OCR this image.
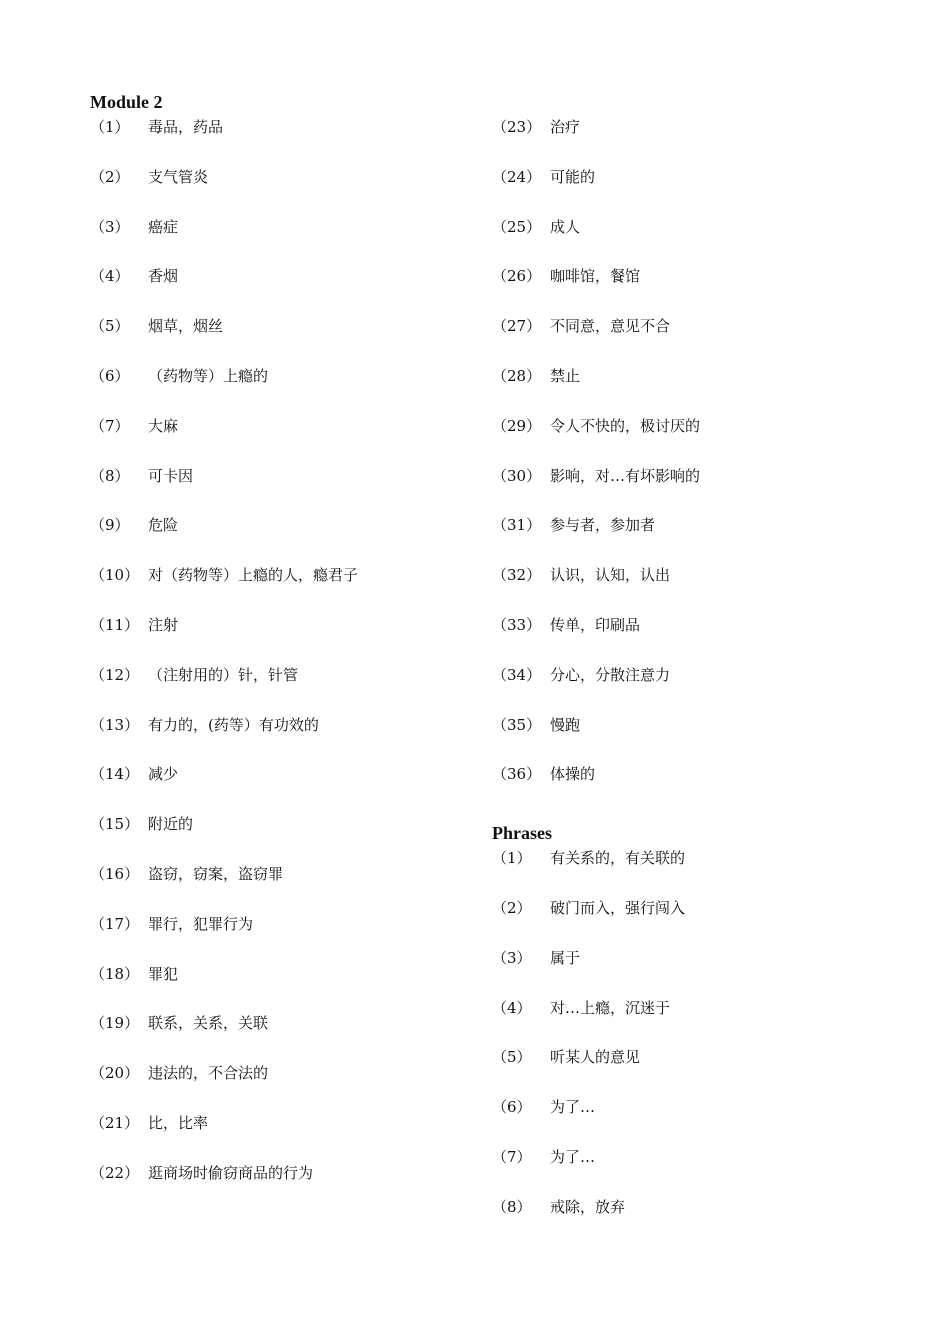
Module 2
（1） 毒品，药品
（2） 支气管炎
（3） 癌症
（4） 香烟
（5） 烟草，烟丝
（6） （药物等）上瘾的
（7） 大麻
（8） 可卡因
（9） 危险
（10） 对（药物等）上瘾的人，瘾君子
（11） 注射
（12） （注射用的）针，针管
（13） 有力的，(药等）有功效的
（14） 减少
（15） 附近的
（16） 盗窃，窃案，盗窃罪
（17） 罪行，犯罪行为
（18） 罪犯
（19） 联系，关系，关联
（20） 违法的，不合法的
（21） 比，比率
（22） 逛商场时偷窃商品的行为
（23） 治疗
（24） 可能的
（25） 成人
（26） 咖啡馆，餐馆
（27） 不同意，意见不合
（28） 禁止
（29） 令人不快的，极讨厌的
（30） 影响，对…有坏影响的
（31） 参与者，参加者
（32） 认识，认知，认出
（33） 传单，印刷品
（34） 分心，分散注意力
（35） 慢跑
（36） 体操的
Phrases
（1） 有关系的，有关联的
（2） 破门而入，强行闯入
（3） 属于
（4） 对…上瘾，沉迷于
（5） 听某人的意见
（6） 为了…
（7） 为了…
（8） 戒除，放弃
